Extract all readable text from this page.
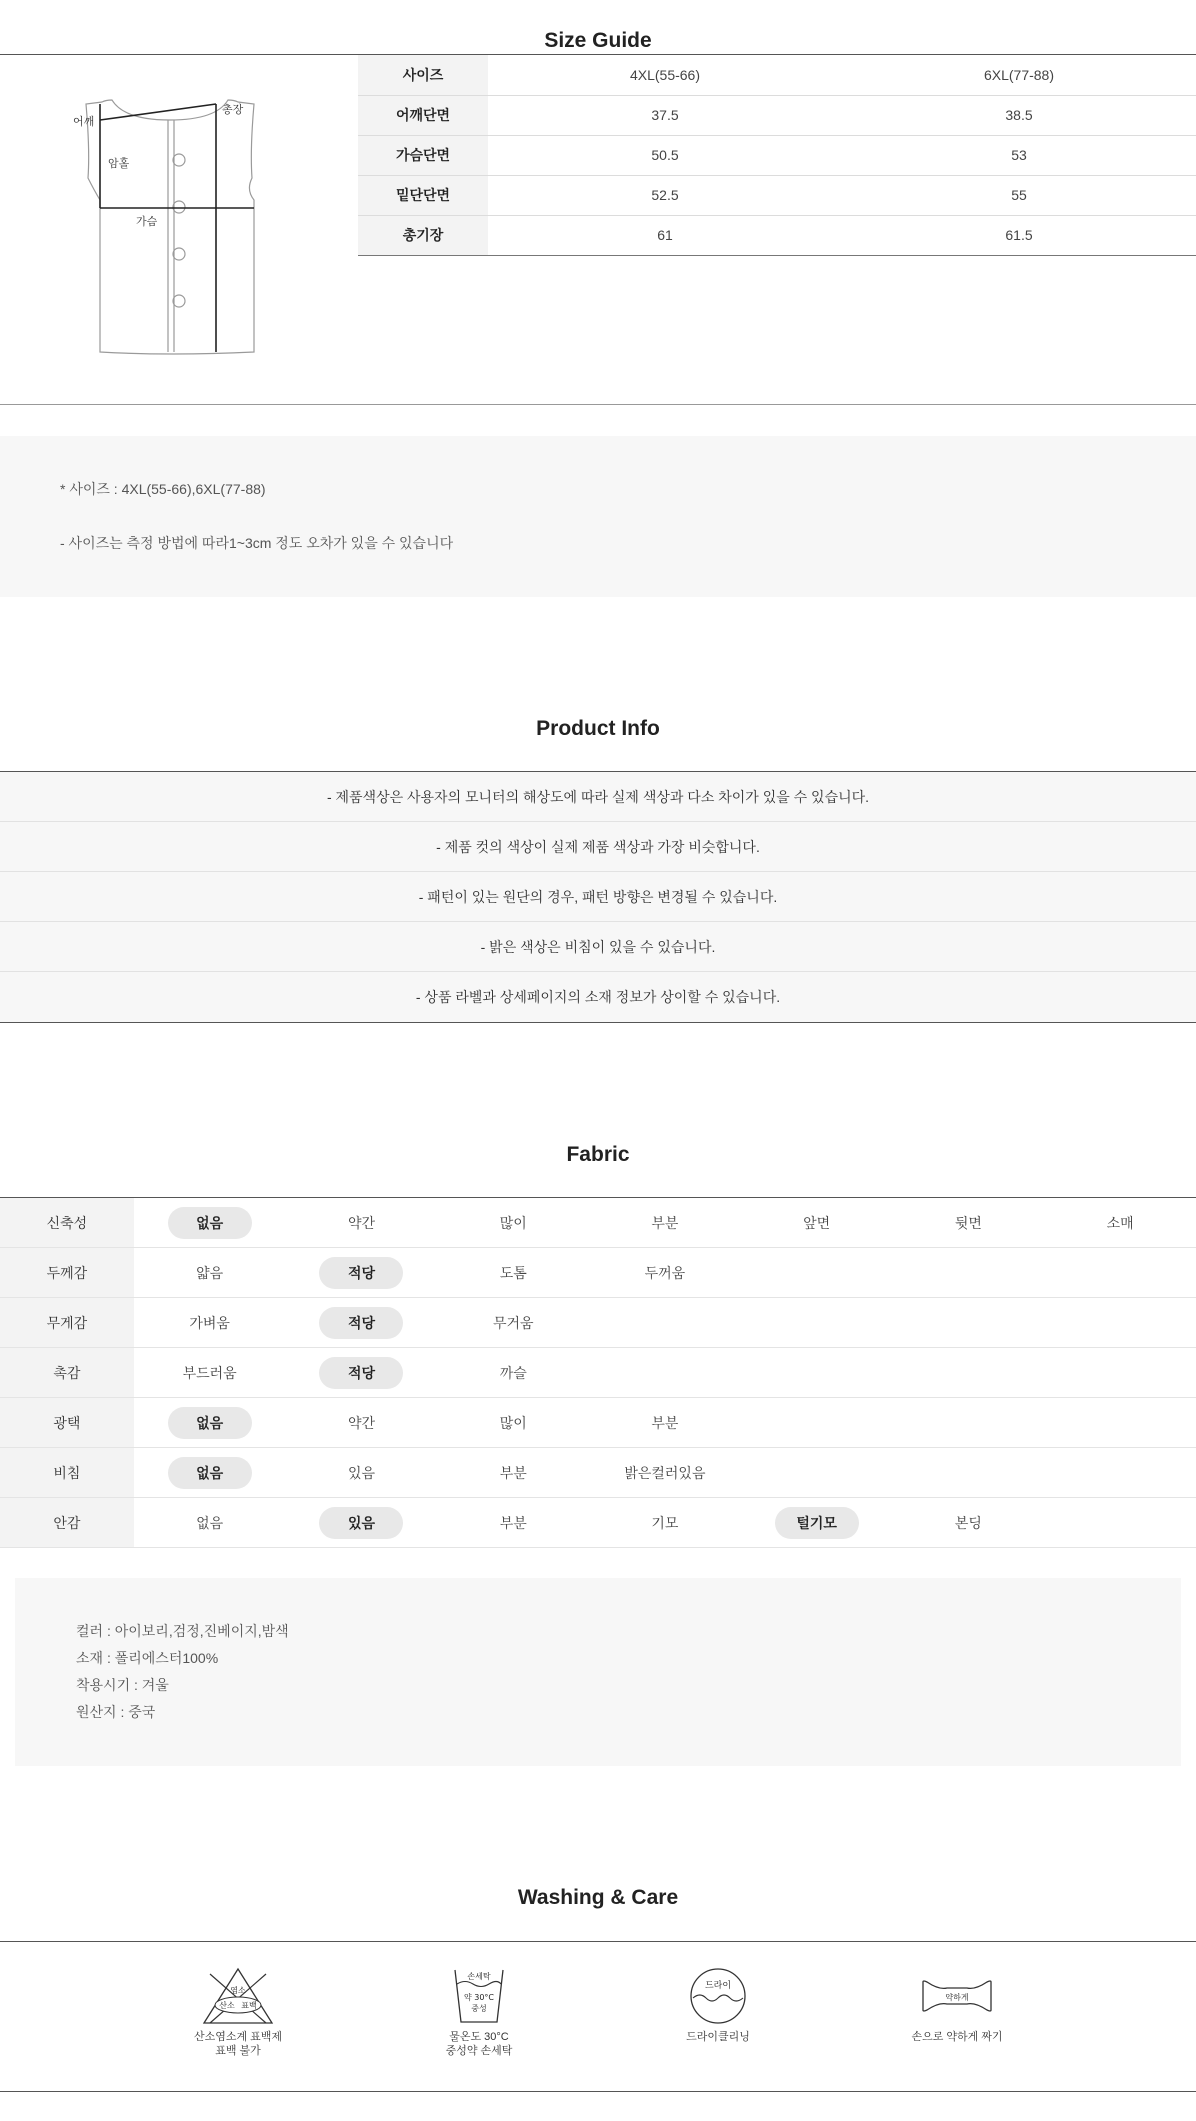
Size Guide
어깨
총장
암홀
가슴
사이즈	4XL(55-66)	6XL(77-88)
어깨단면	37.5	38.5
가슴단면	50.5	53
밑단단면	52.5	55
총기장	61	61.5

* 사이즈 : 4XL(55-66),6XL(77-88)

- 사이즈는 측정 방법에 따라1~3cm 정도 오차가 있을 수 있습니다

Product Info
- 제품색상은 사용자의 모니터의 해상도에 따라 실제 색상과 다소 차이가 있을 수 있습니다.
- 제품 컷의 색상이 실제 제품 색상과 가장 비슷합니다.
- 패턴이 있는 원단의 경우, 패턴 방향은 변경될 수 있습니다.
- 밝은 색상은 비침이 있을 수 있습니다.
- 상품 라벨과 상세페이지의 소재 정보가 상이할 수 있습니다.
Fabric
신축성	없음	약간	많이	부분	앞면	뒷면	소매
두께감	얇음	적당	도톰	두꺼움			
무게감	가벼움	적당	무거움				
촉감	부드러움	적당	까슬				
광택	없음	약간	많이	부분			
비침	없음	있음	부분	밝은컬러있음			
안감	없음	있음	부분	기모	털기모	본딩	

컬러 : 아이보리,검정,진베이지,밤색

소재 : 폴리에스터100%

착용시기 : 겨울

원산지 : 중국

Washing & Care
염소
산소 표백
산소염소계 표백제
표백 불가
손세탁
약 30°C
중성
물온도 30°C
중성약 손세탁
드라이
드라이클리닝
약하게
손으로 약하게 짜기
